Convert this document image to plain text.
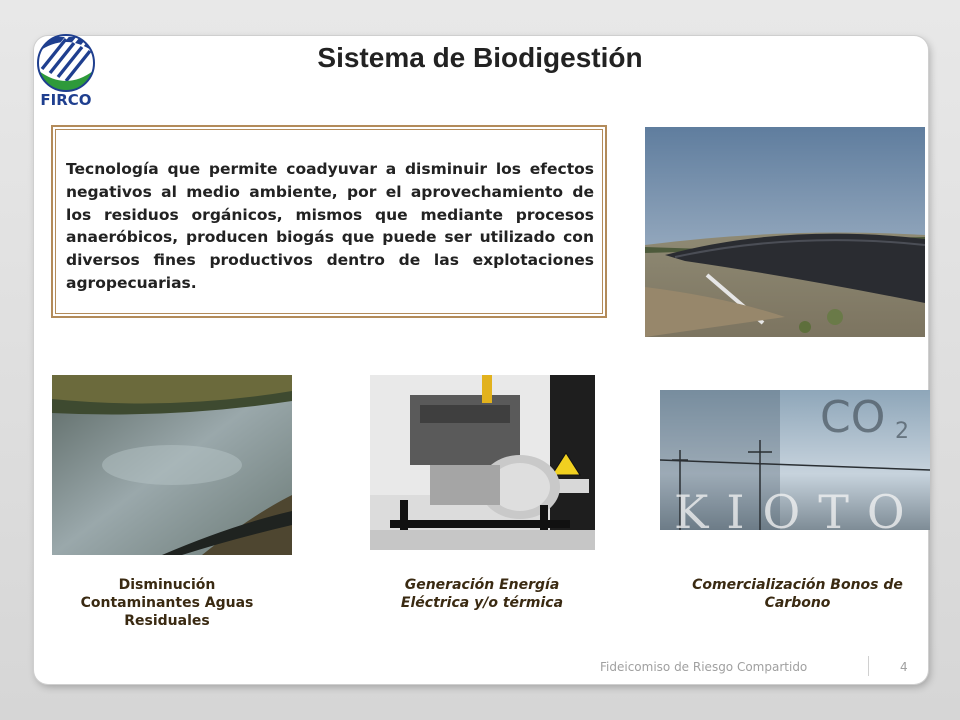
FIRCO
Sistema de Biodigestión

Tecnología que permite coadyuvar a disminuir los efectos negativos al medio ambiente, por el aprovechamiento de los residuos orgánicos, mismos que mediante procesos anaeróbicos, producen biogás que puede ser utilizado con diversos fines productivos dentro de las explotaciones agropecuarias.

CO 2
KIOTO
Disminución
Contaminantes Aguas
Residuales
Generación Energía
Eléctrica y/o térmica
Comercialización Bonos de
Carbono
Fideicomiso de Riesgo Compartido	4
